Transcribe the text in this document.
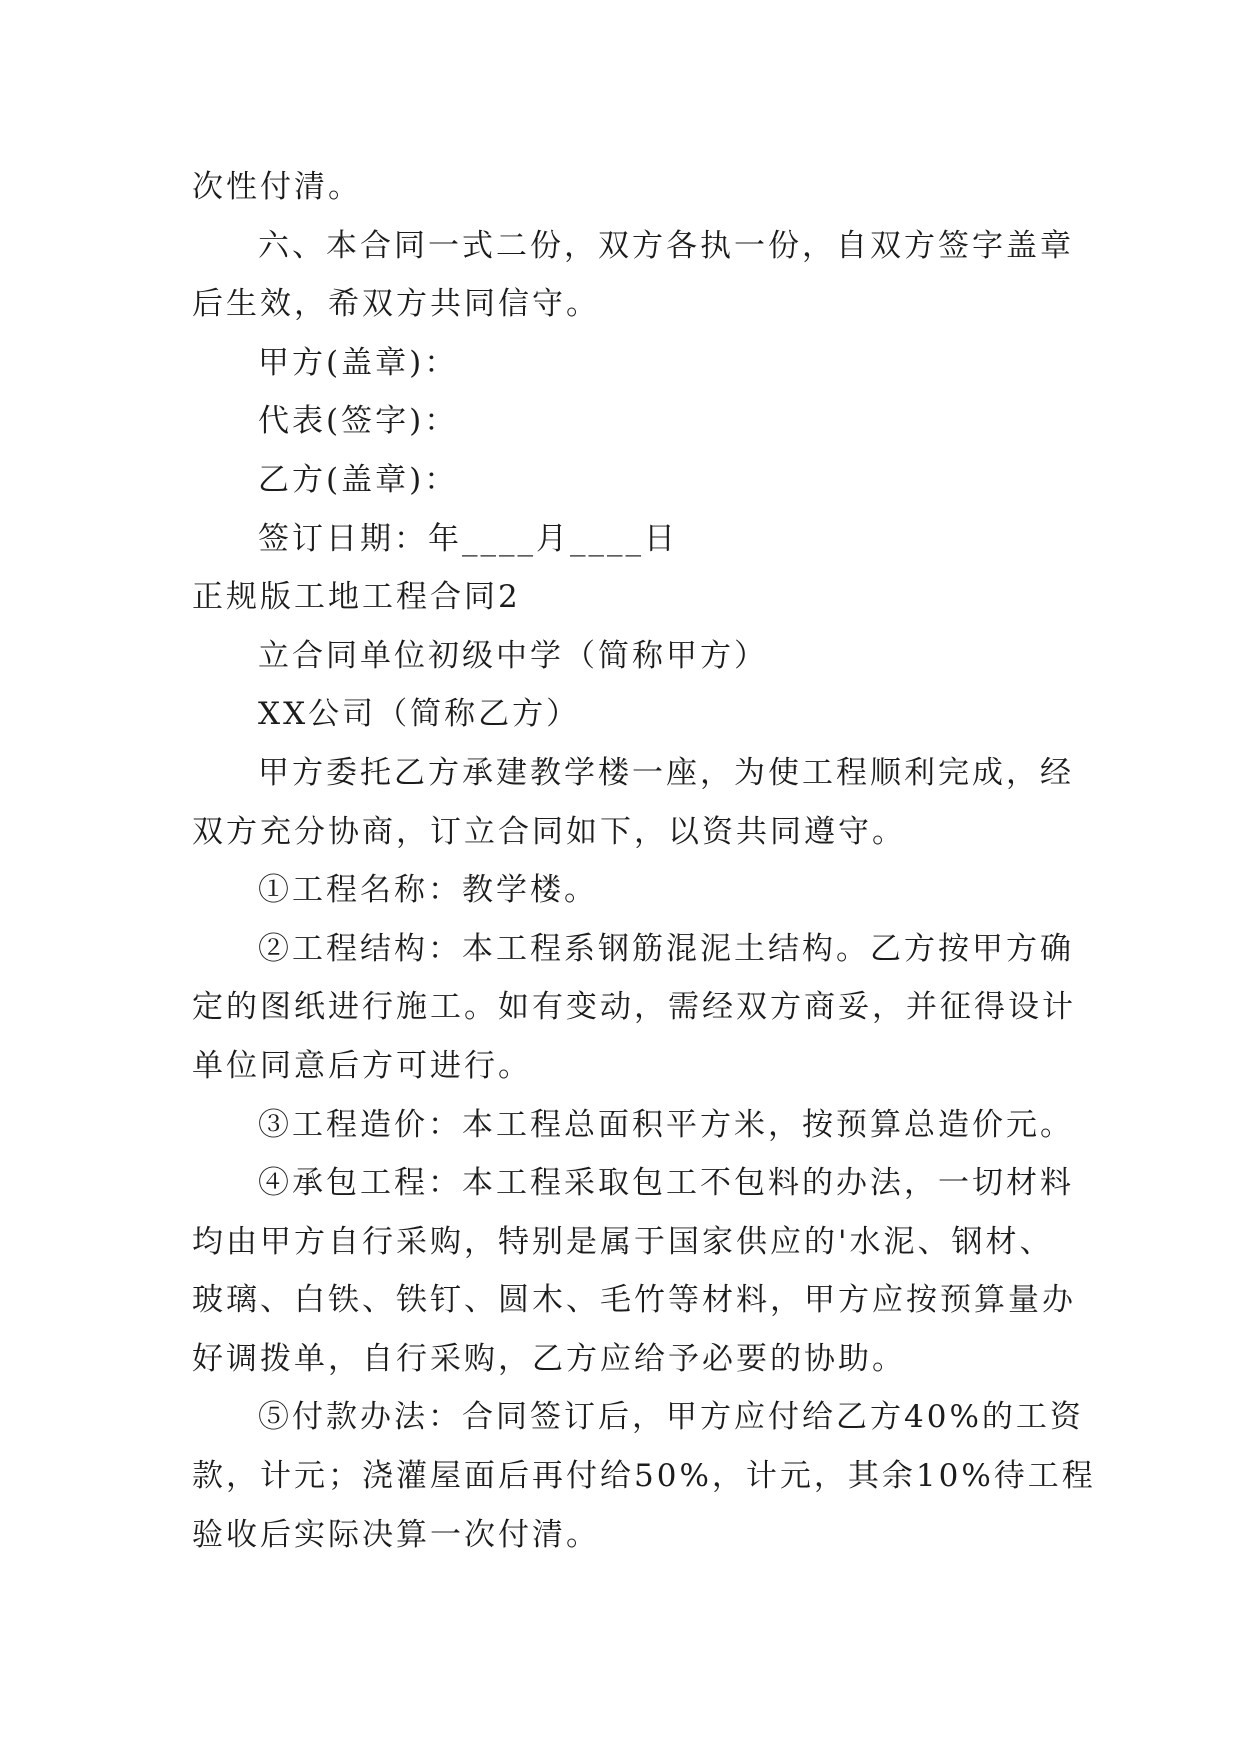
次性付清。
六、本合同一式二份，双方各执一份，自双方签字盖章
后生效，希双方共同信守。
甲方(盖章)：
代表(签字)：
乙方(盖章)：
签订日期：年____月____日
正规版工地工程合同2
立合同单位初级中学（简称甲方）
XX公司（简称乙方）
甲方委托乙方承建教学楼一座，为使工程顺利完成，经
双方充分协商，订立合同如下，以资共同遵守。
①工程名称：教学楼。
②工程结构：本工程系钢筋混泥土结构。乙方按甲方确
定的图纸进行施工。如有变动，需经双方商妥，并征得设计
单位同意后方可进行。
③工程造价：本工程总面积平方米，按预算总造价元。
④承包工程：本工程采取包工不包料的办法，一切材料
均由甲方自行采购，特别是属于国家供应的'水泥、钢材、
玻璃、白铁、铁钉、圆木、毛竹等材料，甲方应按预算量办
好调拨单，自行采购，乙方应给予必要的协助。
⑤付款办法：合同签订后，甲方应付给乙方40%的工资
款，计元；浇灌屋面后再付给50%，计元，其余10%待工程
验收后实际决算一次付清。
